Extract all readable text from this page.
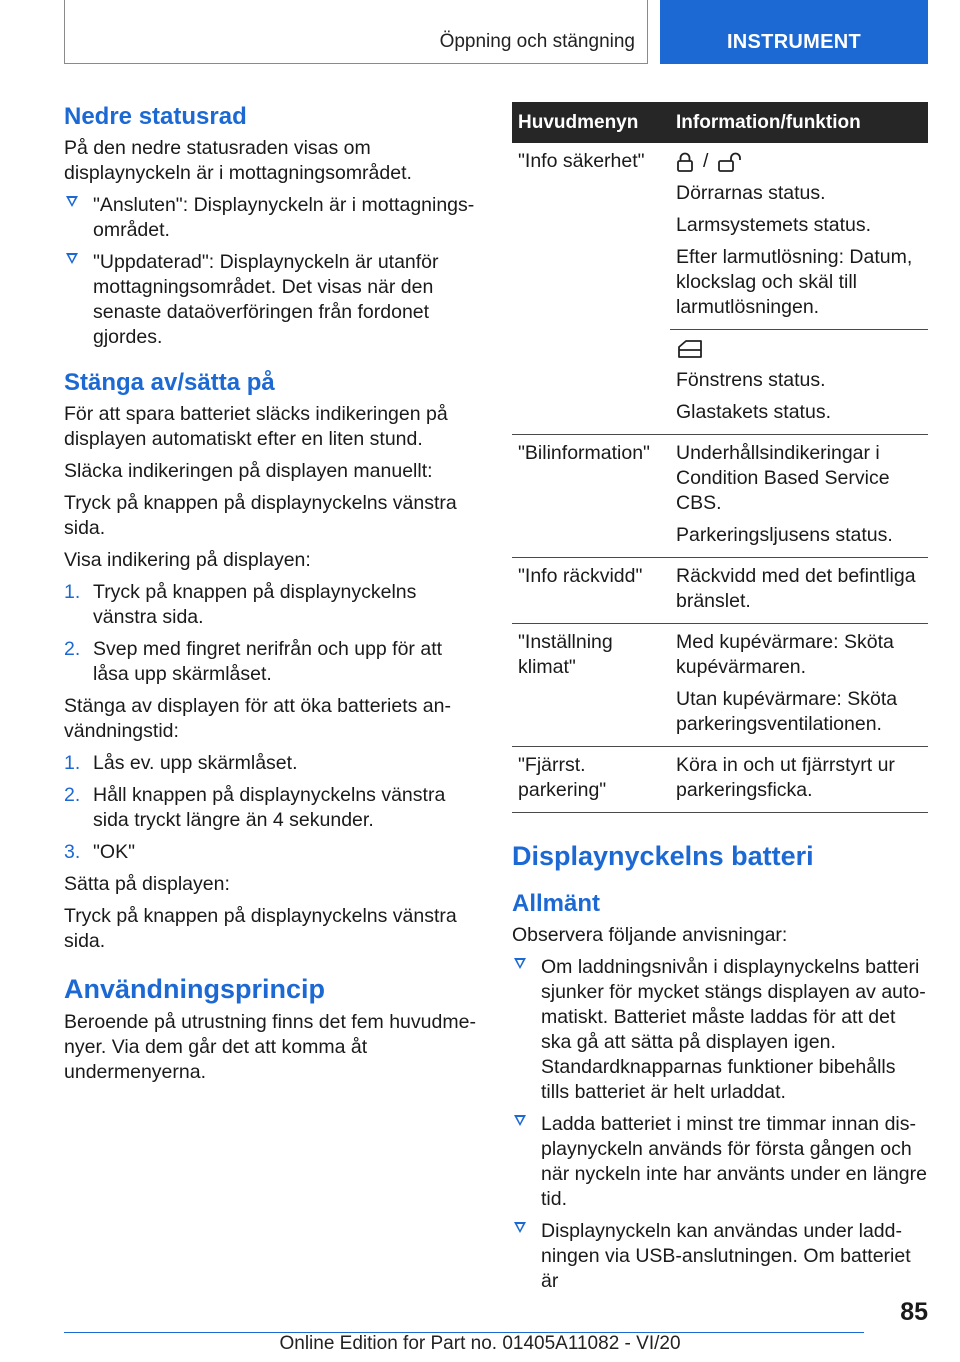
Öppning och stängning	INSTRUMENT
Nedre statusrad

På den nedre statusraden visas om displaynyckeln är i mottagningsområdet.

"Ansluten": Displaynyckeln är i mottagningsområdet.
"Uppdaterad": Displaynyckeln är utanför mottagningsområdet. Det visas när den senaste dataöverföringen från fordonet gjordes.
Stänga av/sätta på

För att spara batteriet släcks indikeringen på displayen automatiskt efter en liten stund.

Släcka indikeringen på displayen manuellt:

Tryck på knappen på displaynyckelns vänstra sida.

Visa indikering på displayen:

1. Tryck på knappen på displaynyckelns vänstra sida.
2. Svep med fingret nerifrån och upp för att låsa upp skärmlåset.

Stänga av displayen för att öka batteriets användningstid:

1. Lås ev. upp skärmlåset.
2. Håll knappen på displaynyckelns vänstra sida tryckt längre än 4 sekunder.
3. "OK"

Sätta på displayen:

Tryck på knappen på displaynyckelns vänstra sida.

Användningsprincip

Beroende på utrustning finns det fem huvudmenyer. Via dem går det att komma åt undermenyerna.

Huvudmenyn	Information/funktion
"Info säkerhet"	/

Dörrarnas status.

Larmsystemets status.

Efter larmutlösning: Datum, klockslag och skäl till larmutlösningen.

	Fönstrens status.

Glastakets status.

"Bilinformation"	Underhållsindikeringar i Condition Based Service CBS.

Parkeringsljusens status.

"Info räckvidd"	Räckvidd med det befintliga bränslet.

"Inställning klimat"	Med kupévärmare: Sköta kupévärmaren.

Utan kupévärmare: Sköta parkeringsventilationen.

"Fjärrst. parkering"	Köra in och ut fjärrstyrt ur parkeringsficka.

Displaynyckelns batteri
Allmänt

Observera följande anvisningar:

Om laddningsnivån i displaynyckelns batteri sjunker för mycket stängs displayen av automatiskt. Batteriet måste laddas för att det ska gå att sätta på displayen igen. Standardknapparnas funktioner bibehålls tills batteriet är helt urladdat.
Ladda batteriet i minst tre timmar innan displaynyckeln används för första gången och när nyckeln inte har använts under en längre tid.
Displaynyckeln kan användas under laddningen via USB-anslutningen. Om batteriet är
85
Online Edition for Part no. 01405A11082 - VI/20
